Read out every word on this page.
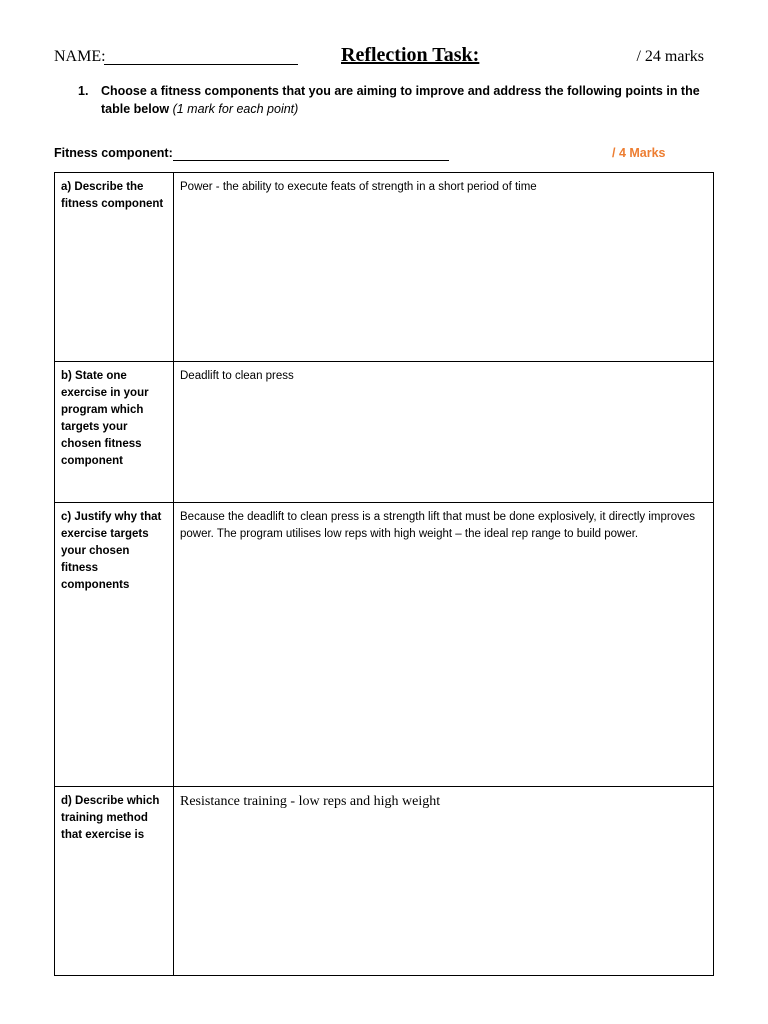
NAME:	Reflection Task:	/ 24 marks
1. Choose a fitness components that you are aiming to improve and address the following points in the table below (1 mark for each point)
Fitness component:	/ 4 Marks
a) Describe the fitness component	Power - the ability to execute feats of strength in a short period of time
b) State one exercise in your program which targets your chosen fitness component	Deadlift to clean press
c) Justify why that exercise targets your chosen fitness components	Because the deadlift to clean press is a strength lift that must be done explosively, it directly improves power. The program utilises low reps with high weight – the ideal rep range to build power.
d) Describe which training method that exercise is	Resistance training - low reps and high weight
